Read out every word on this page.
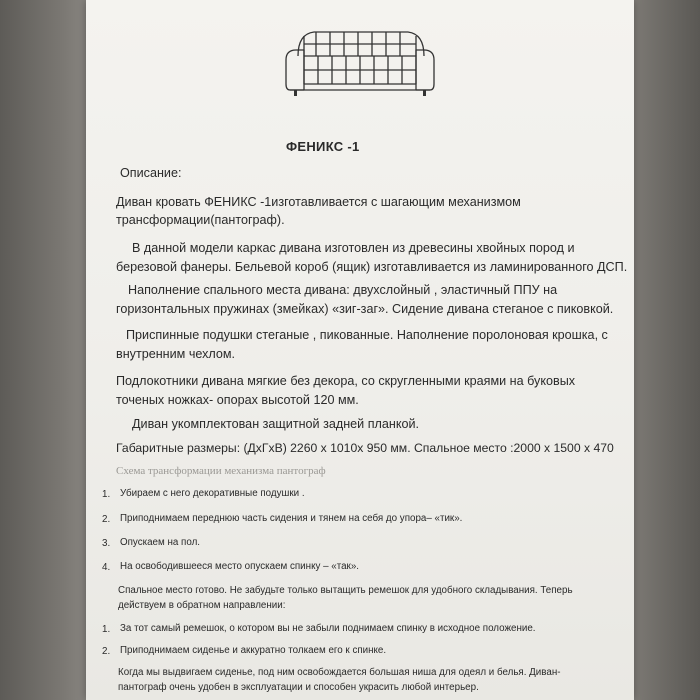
ФЕНИКС -1
Описание:
Диван кровать ФЕНИКС -1изготавливается с шагающим механизмом
трансформации(пантограф).
В данной модели каркас дивана изготовлен из древесины хвойных пород и
березовой фанеры. Бельевой короб (ящик) изготавливается из ламинированного ДСП.
Наполнение спального места дивана: двухслойный , эластичный ППУ на
горизонтальных пружинах (змейках) «зиг-заг». Сидение дивана стеганое с пиковкой.
Приспинные подушки стеганые , пикованные. Наполнение поролоновая крошка, с
внутренним чехлом.
Подлокотники дивана мягкие без декора, со скругленными краями на буковых
точеных ножках- опорах высотой 120 мм.
Диван укомплектован защитной задней планкой.
Габаритные размеры: (ДхГхВ) 2260 х 1010х 950 мм. Спальное место :2000 х 1500 х 470
Схема трансформации механизма пантограф
1. Убираем с него декоративные подушки .
2. Приподнимаем переднюю часть сидения и тянем на себя до упора– «тик».
3. Опускаем на пол.
4. На освободившееся место опускаем спинку – «так».
Спальное место готово. Не забудьте только вытащить ремешок для удобного складывания. Теперь
действуем в обратном направлении:
1. За тот самый ремешок, о котором вы не забыли поднимаем спинку в исходное положение.
2. Приподнимаем сиденье и аккуратно толкаем его к спинке.
Когда мы выдвигаем сиденье, под ним освобождается большая ниша для одеял и белья. Диван-
пантограф очень удобен в эксплуатации и способен украсить любой интерьер.
